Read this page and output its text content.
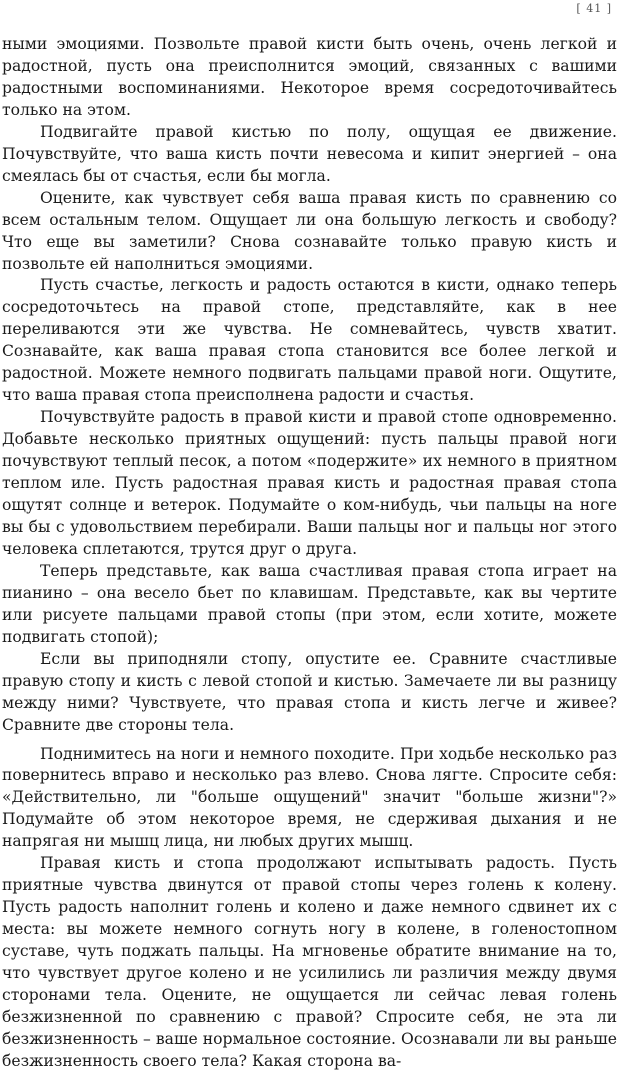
[ 41 ]

ными эмоциями. Позвольте правой кисти быть очень, очень легкой и радостной, пусть она преисполнится эмоций, связанных с вашими радостными воспоминаниями. Некоторое время сосредоточивайтесь только на этом.

Подвигайте правой кистью по полу, ощущая ее движение. Почувствуйте, что ваша кисть почти невесома и кипит энергией – она смеялась бы от счастья, если бы могла.

Оцените, как чувствует себя ваша правая кисть по сравнению со всем остальным телом. Ощущает ли она большую легкость и свободу? Что еще вы заметили? Снова сознавайте только правую кисть и позвольте ей наполниться эмоциями.

Пусть счастье, легкость и радость остаются в кисти, однако теперь сосредоточьтесь на правой стопе, представляйте, как в нее переливаются эти же чувства. Не сомневайтесь, чувств хватит. Сознавайте, как ваша правая стопа становится все более легкой и радостной. Можете немного подвигать пальцами правой ноги. Ощутите, что ваша правая стопа преисполнена радости и счастья.

Почувствуйте радость в правой кисти и правой стопе одновременно. Добавьте несколько приятных ощущений: пусть пальцы правой ноги почувствуют теплый песок, а потом «подержите» их немного в приятном теплом иле. Пусть радостная правая кисть и радостная правая стопа ощутят солнце и ветерок. Подумайте о ком-нибудь, чьи пальцы на ноге вы бы с удовольствием перебирали. Ваши пальцы ног и пальцы ног этого человека сплетаются, трутся друг о друга.

Теперь представьте, как ваша счастливая правая стопа играет на пианино – она весело бьет по клавишам. Представьте, как вы чертите или рисуете пальцами правой стопы (при этом, если хотите, можете подвигать стопой);

Если вы приподняли стопу, опустите ее. Сравните счастливые правую стопу и кисть с левой стопой и кистью. Замечаете ли вы разницу между ними? Чувствуете, что правая стопа и кисть легче и живее? Сравните две стороны тела.

Поднимитесь на ноги и немного походите. При ходьбе несколько раз повернитесь вправо и несколько раз влево. Снова лягте. Спросите себя: «Действительно, ли "больше ощущений" значит "больше жизни"?» Подумайте об этом некоторое время, не сдерживая дыхания и не напрягая ни мышц лица, ни любых других мышц.

Правая кисть и стопа продолжают испытывать радость. Пусть приятные чувства двинутся от правой стопы через голень к колену. Пусть радость наполнит голень и колено и даже немного сдвинет их с места: вы можете немного согнуть ногу в колене, в голеностопном суставе, чуть поджать пальцы. На мгновенье обратите внимание на то, что чувствует другое колено и не усилились ли различия между двумя сторонами тела. Оцените, не ощущается ли сейчас левая голень безжизненной по сравнению с правой? Спросите себя, не эта ли безжизненность – ваше нормальное состояние. Осознавали ли вы раньше безжизненность своего тела? Какая сторона ва-
